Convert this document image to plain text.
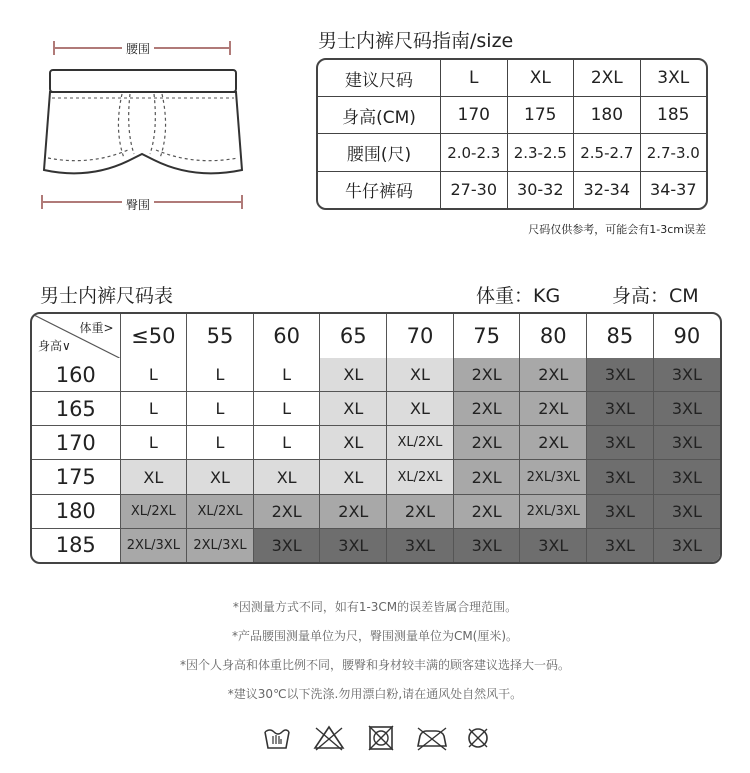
腰围
臀围
男士内裤尺码指南/size
建议尺码	L	XL	2XL	3XL
身高(CM)	170	175	180	185
腰围(尺)	2.0-2.3	2.3-2.5	2.5-2.7	2.7-3.0
牛仔裤码	27-30	30-32	32-34	34-37
尺码仅供参考，可能会有1-3cm误差
男士内裤尺码表	体重：KG	身高：CM
体重>
身高∨	≤50	55	60	65	70	75	80	85	90
160	L	L	L	XL	XL	2XL	2XL	3XL	3XL
165	L	L	L	XL	XL	2XL	2XL	3XL	3XL
170	L	L	L	XL	XL/2XL	2XL	2XL	3XL	3XL
175	XL	XL	XL	XL	XL/2XL	2XL	2XL/3XL	3XL	3XL
180	XL/2XL	XL/2XL	2XL	2XL	2XL	2XL	2XL/3XL	3XL	3XL
185	2XL/3XL	2XL/3XL	3XL	3XL	3XL	3XL	3XL	3XL	3XL
*因测量方式不同，如有1-3CM的误差皆属合理范围。
*产品腰围测量单位为尺，臀围测量单位为CM(厘米)。
*因个人身高和体重比例不同，腰臀和身材较丰满的顾客建议选择大一码。
*建议30℃以下洗涤.勿用漂白粉,请在通风处自然风干。
